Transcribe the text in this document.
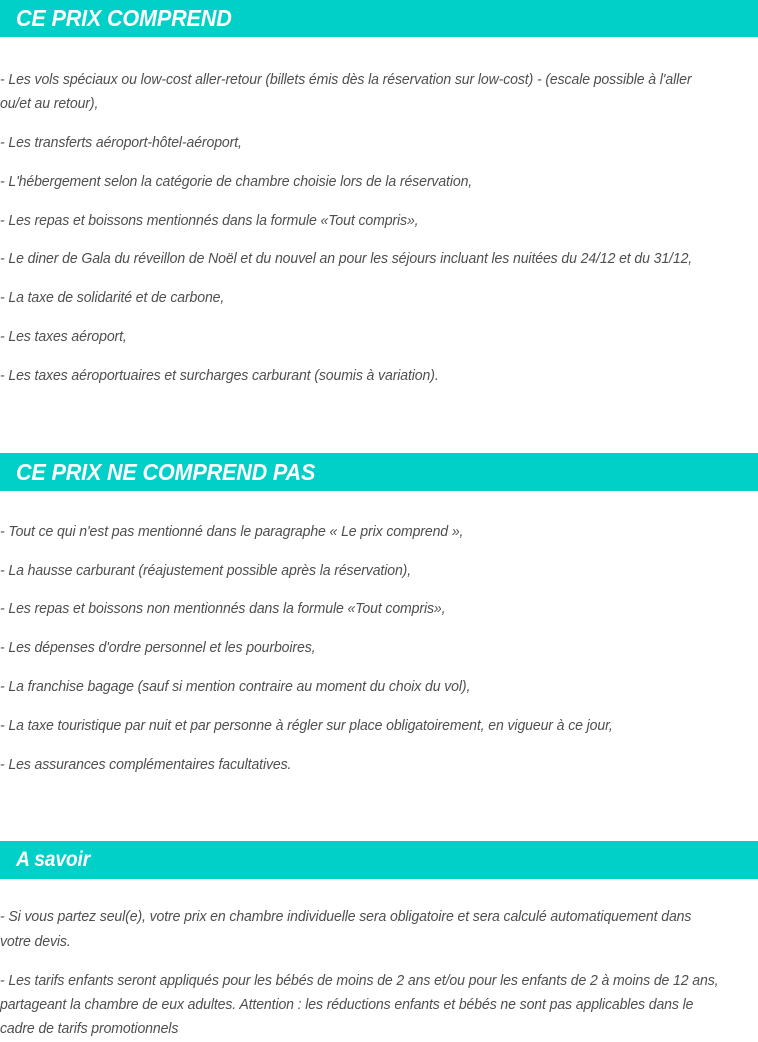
CE PRIX COMPREND

- Les vols spéciaux ou low-cost aller-retour (billets émis dès la réservation sur low-cost) - (escale possible à l'aller ou/et au retour),

- Les transferts aéroport-hôtel-aéroport,

- L'hébergement selon la catégorie de chambre choisie lors de la réservation,

- Les repas et boissons mentionnés dans la formule «Tout compris»,

- Le diner de Gala du réveillon de Noël et du nouvel an pour les séjours incluant les nuitées du 24/12 et du 31/12,

- La taxe de solidarité et de carbone,

- Les taxes aéroport,

- Les taxes aéroportuaires et surcharges carburant (soumis à variation).

CE PRIX NE COMPREND PAS

- Tout ce qui n'est pas mentionné dans le paragraphe « Le prix comprend »,

- La hausse carburant (réajustement possible après la réservation),

- Les repas et boissons non mentionnés dans la formule «Tout compris»,

- Les dépenses d'ordre personnel et les pourboires,

- La franchise bagage (sauf si mention contraire au moment du choix du vol),

- La taxe touristique par nuit et par personne à régler sur place obligatoirement, en vigueur à ce jour,

- Les assurances complémentaires facultatives.

A savoir

- Si vous partez seul(e), votre prix en chambre individuelle sera obligatoire et sera calculé automatiquement dans votre devis.

- Les tarifs enfants seront appliqués pour les bébés de moins de 2 ans et/ou pour les enfants de 2 à moins de 12 ans, partageant la chambre de eux adultes. Attention : les réductions enfants et bébés ne sont pas applicables dans le cadre de tarifs promotionnels
